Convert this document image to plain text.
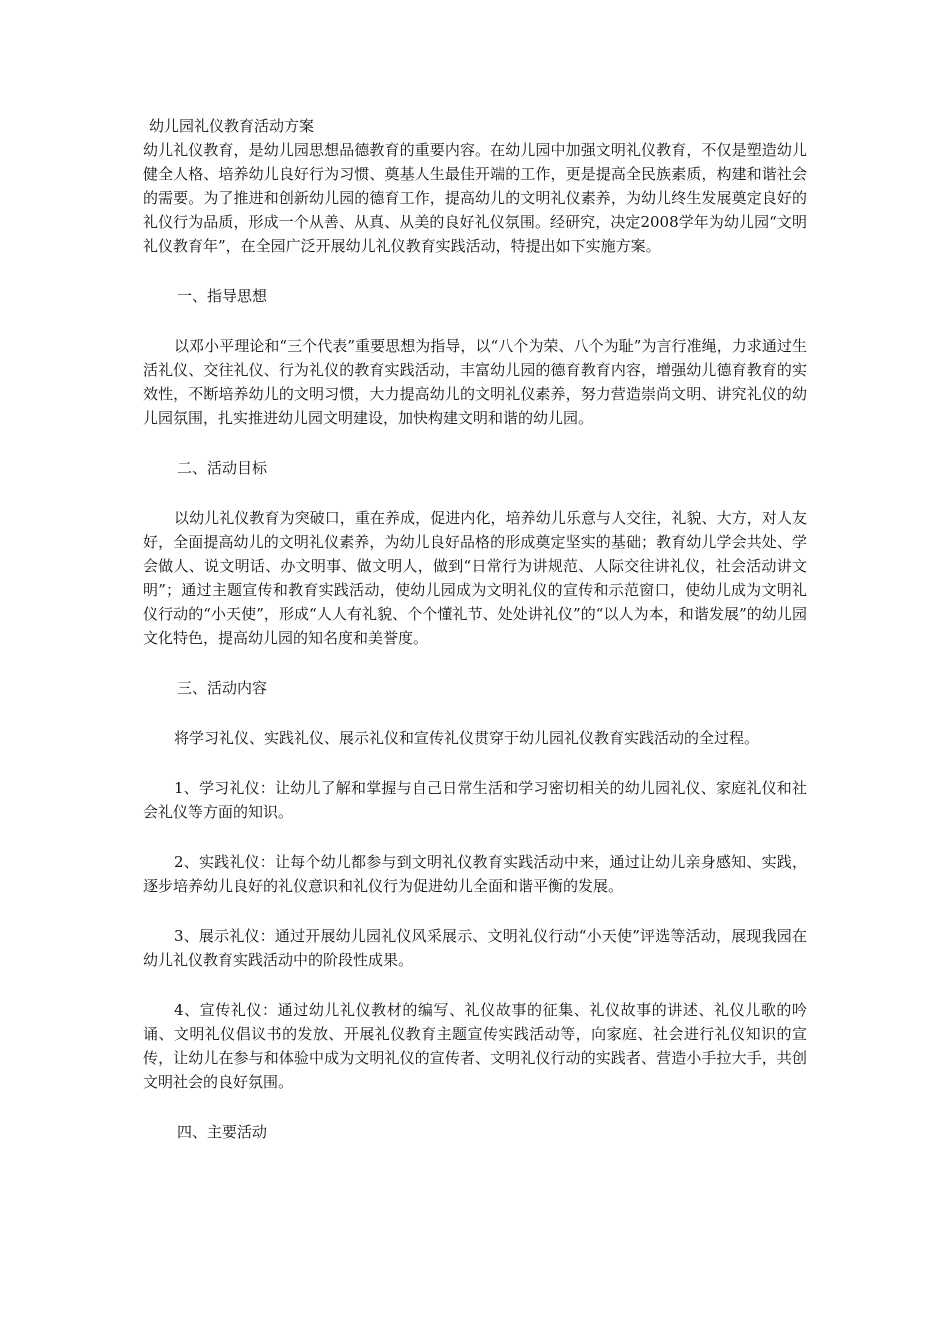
幼儿园礼仪教育活动方案

幼儿礼仪教育，是幼儿园思想品德教育的重要内容。在幼儿园中加强文明礼仪教育，不仅是塑造幼儿健全人格、培养幼儿良好行为习惯、奠基人生最佳开端的工作，更是提高全民族素质，构建和谐社会的需要。为了推进和创新幼儿园的德育工作，提高幼儿的文明礼仪素养，为幼儿终生发展奠定良好的礼仪行为品质，形成一个从善、从真、从美的良好礼仪氛围。经研究，决定2008学年为幼儿园“文明礼仪教育年”，在全园广泛开展幼儿礼仪教育实践活动，特提出如下实施方案。

一、指导思想

以邓小平理论和“三个代表”重要思想为指导，以“八个为荣、八个为耻”为言行准绳，力求通过生活礼仪、交往礼仪、行为礼仪的教育实践活动，丰富幼儿园的德育教育内容，增强幼儿德育教育的实效性，不断培养幼儿的文明习惯，大力提高幼儿的文明礼仪素养，努力营造崇尚文明、讲究礼仪的幼儿园氛围，扎实推进幼儿园文明建设，加快构建文明和谐的幼儿园。

二、活动目标

以幼儿礼仪教育为突破口，重在养成，促进内化，培养幼儿乐意与人交往，礼貌、大方，对人友好，全面提高幼儿的文明礼仪素养，为幼儿良好品格的形成奠定坚实的基础；教育幼儿学会共处、学会做人、说文明话、办文明事、做文明人，做到“日常行为讲规范、人际交往讲礼仪，社会活动讲文明”；通过主题宣传和教育实践活动，使幼儿园成为文明礼仪的宣传和示范窗口，使幼儿成为文明礼仪行动的“小天使”，形成“人人有礼貌、个个懂礼节、处处讲礼仪”的“以人为本，和谐发展”的幼儿园文化特色，提高幼儿园的知名度和美誉度。

三、活动内容

将学习礼仪、实践礼仪、展示礼仪和宣传礼仪贯穿于幼儿园礼仪教育实践活动的全过程。

1、学习礼仪：让幼儿了解和掌握与自己日常生活和学习密切相关的幼儿园礼仪、家庭礼仪和社会礼仪等方面的知识。

2、实践礼仪：让每个幼儿都参与到文明礼仪教育实践活动中来，通过让幼儿亲身感知、实践，逐步培养幼儿良好的礼仪意识和礼仪行为促进幼儿全面和谐平衡的发展。

3、展示礼仪：通过开展幼儿园礼仪风采展示、文明礼仪行动“小天使”评选等活动，展现我园在幼儿礼仪教育实践活动中的阶段性成果。

4、宣传礼仪：通过幼儿礼仪教材的编写、礼仪故事的征集、礼仪故事的讲述、礼仪儿歌的吟诵、文明礼仪倡议书的发放、开展礼仪教育主题宣传实践活动等，向家庭、社会进行礼仪知识的宣传，让幼儿在参与和体验中成为文明礼仪的宣传者、文明礼仪行动的实践者、营造小手拉大手，共创文明社会的良好氛围。

四、主要活动
